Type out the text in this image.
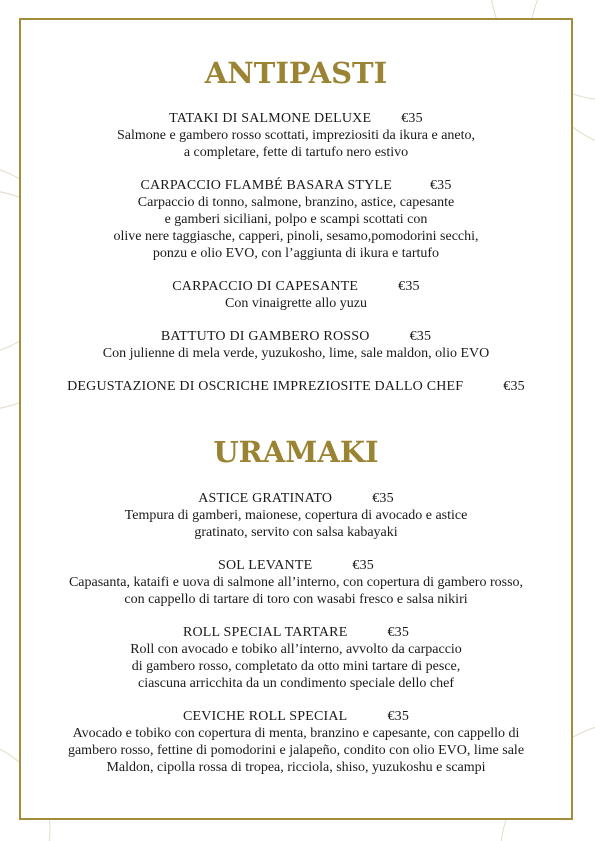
ANTIPASTI
TATAKI DI SALMONE DELUXE €35
Salmone e gambero rosso scottati, impreziositi da ikura e aneto,
a completare, fette di tartufo nero estivo
CARPACCIO FLAMBÉ BASARA STYLE	€35
Carpaccio di tonno, salmone, branzino, astice, capesante
e gamberi siciliani, polpo e scampi scottati con
olive nere taggiasche, capperi, pinoli, sesamo,pomodorini secchi,
ponzu e olio EVO, con l’aggiunta di ikura e tartufo
CARPACCIO DI CAPESANTE	€35
Con vinaigrette allo yuzu
BATTUTO DI GAMBERO ROSSO	€35
Con julienne di mela verde, yuzukosho, lime, sale maldon, olio EVO
DEGUSTAZIONE DI OSCRICHE IMPREZIOSITE DALLO CHEF	€35
URAMAKI
ASTICE GRATINATO	€35
Tempura di gamberi, maionese, copertura di avocado e astice
gratinato, servito con salsa kabayaki
SOL LEVANTE	€35
Capasanta, kataifi e uova di salmone all’interno, con copertura di gambero rosso,
con cappello di tartare di toro con wasabi fresco e salsa nikiri
ROLL SPECIAL TARTARE	€35
Roll con avocado e tobiko all’interno, avvolto da carpaccio
di gambero rosso, completato da otto mini tartare di pesce,
ciascuna arricchita da un condimento speciale dello chef
CEVICHE ROLL SPECIAL	€35
Avocado e tobiko con copertura di menta, branzino e capesante, con cappello di
gambero rosso, fettine di pomodorini e jalapeño, condito con olio EVO, lime sale
Maldon, cipolla rossa di tropea, ricciola, shiso, yuzukoshu e scampi
